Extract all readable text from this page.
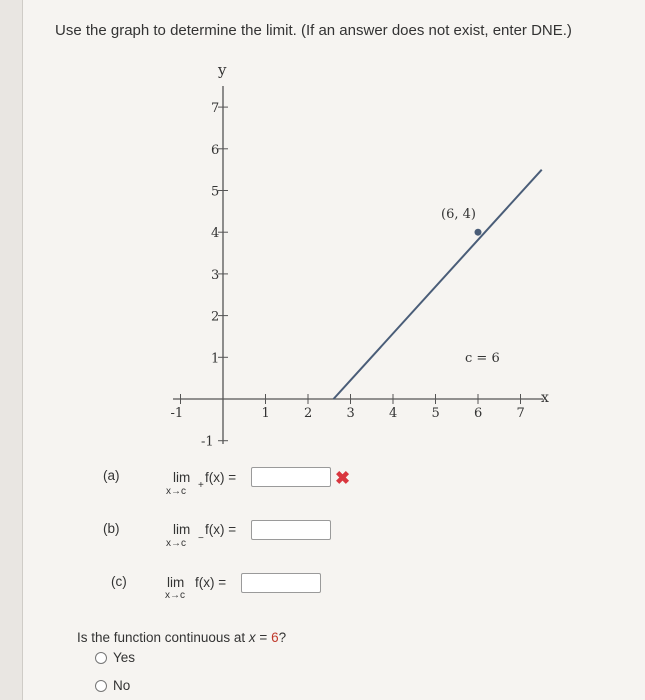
Use the graph to determine the limit. (If an answer does not exist, enter DNE.)
y
x
-1	1	2	3	4	5	6	7
-1
1
2
3
4
5
6
7
(6, 4)
c = 6
(a)	lim
x→c
+
f(x) =	✖
(b)	lim
x→c −
f(x) =
(c)	lim
x→c
f(x) =
Is the function continuous at x = 6?
Yes
No
